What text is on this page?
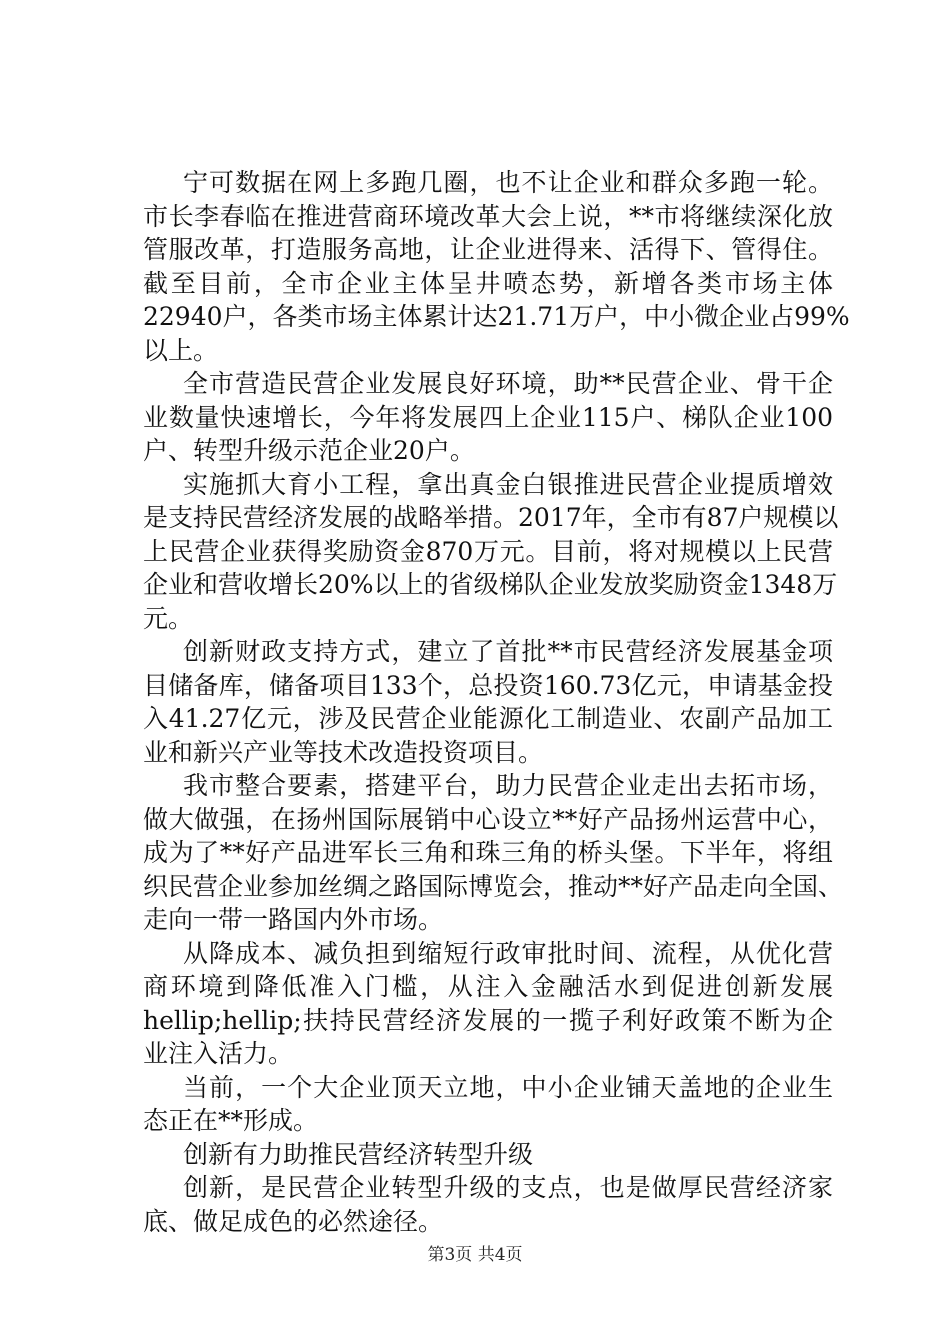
宁可数据在网上多跑几圈，也不让企业和群众多跑一轮。
市长李春临在推进营商环境改革大会上说，**市将继续深化放
管服改革，打造服务高地，让企业进得来、活得下、管得住。
截至目前，全市企业主体呈井喷态势，新增各类市场主体
22940户，各类市场主体累计达21.71万户，中小微企业占99%
以上。
全市营造民营企业发展良好环境，助**民营企业、骨干企
业数量快速增长，今年将发展四上企业115户、梯队企业100
户、转型升级示范企业20户。
实施抓大育小工程，拿出真金白银推进民营企业提质增效
是支持民营经济发展的战略举措。2017年，全市有87户规模以
上民营企业获得奖励资金870万元。目前，将对规模以上民营
企业和营收增长20%以上的省级梯队企业发放奖励资金1348万
元。
创新财政支持方式，建立了首批**市民营经济发展基金项
目储备库，储备项目133个，总投资160.73亿元，申请基金投
入41.27亿元，涉及民营企业能源化工制造业、农副产品加工
业和新兴产业等技术改造投资项目。
我市整合要素，搭建平台，助力民营企业走出去拓市场，
做大做强，在扬州国际展销中心设立**好产品扬州运营中心，
成为了**好产品进军长三角和珠三角的桥头堡。下半年，将组
织民营企业参加丝绸之路国际博览会，推动**好产品走向全国、
走向一带一路国内外市场。
从降成本、减负担到缩短行政审批时间、流程，从优化营
商环境到降低准入门槛，从注入金融活水到促进创新发展
hellip;hellip;扶持民营经济发展的一揽子利好政策不断为企
业注入活力。
当前，一个大企业顶天立地，中小企业铺天盖地的企业生
态正在**形成。
创新有力助推民营经济转型升级
创新，是民营企业转型升级的支点，也是做厚民营经济家
底、做足成色的必然途径。
第3页 共4页
